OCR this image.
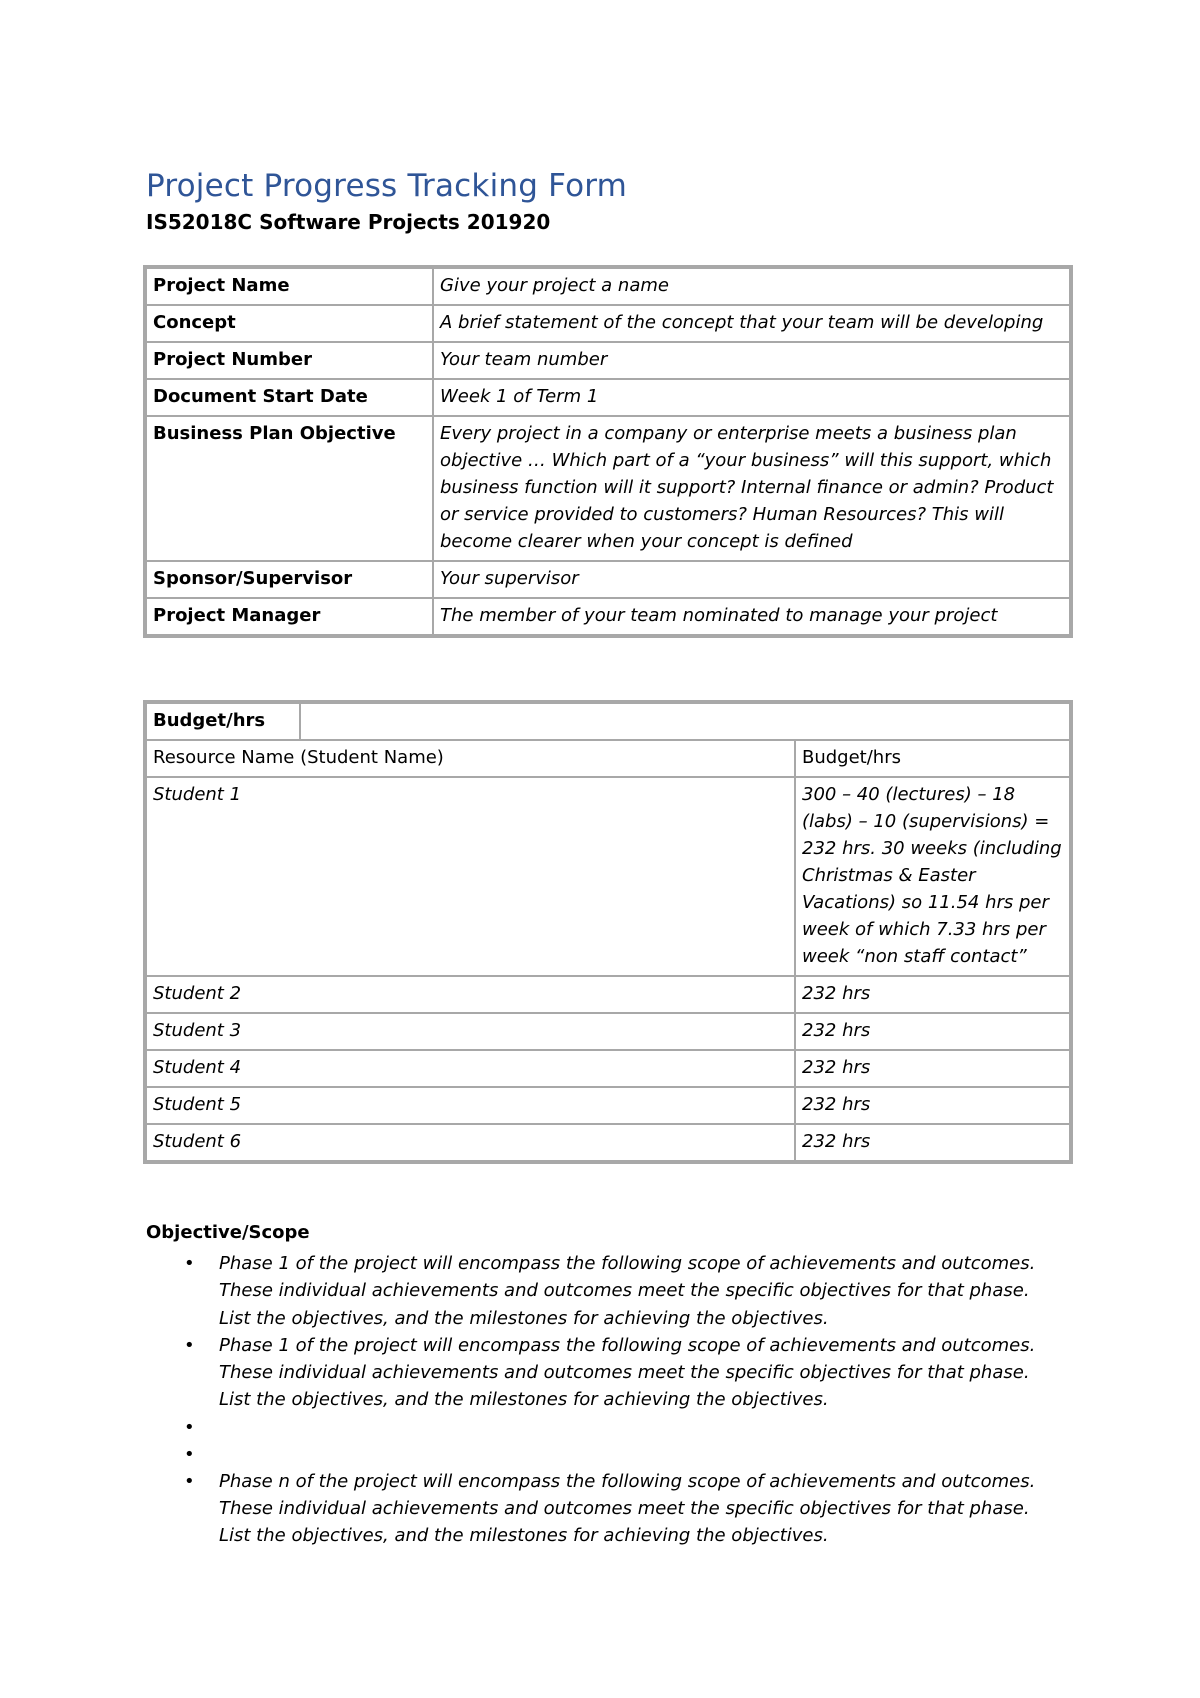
Project Progress Tracking Form
IS52018C Software Projects 201920
Project Name	Give your project a name
Concept	A brief statement of the concept that your team will be developing
Project Number	Your team number
Document Start Date	Week 1 of Term 1
Business Plan Objective	Every project in a company or enterprise meets a business plan objective … Which part of a “your business” will this support, which business function will it support? Internal finance or admin? Product or service provided to customers? Human Resources? This will become clearer when your concept is defined
Sponsor/Supervisor	Your supervisor
Project Manager	The member of your team nominated to manage your project
Budget/hrs		
Resource Name (Student Name)		Budget/hrs
Student 1		300 – 40 (lectures) – 18 (labs) – 10 (supervisions) = 232 hrs. 30 weeks (including Christmas & Easter Vacations) so 11.54 hrs per week of which 7.33 hrs per week “non staff contact”
Student 2		232 hrs
Student 3		232 hrs
Student 4		232 hrs
Student 5		232 hrs
Student 6		232 hrs
Objective/Scope
• Phase 1 of the project will encompass the following scope of achievements and outcomes. These individual achievements and outcomes meet the specific objectives for that phase. List the objectives, and the milestones for achieving the objectives.
• Phase 1 of the project will encompass the following scope of achievements and outcomes. These individual achievements and outcomes meet the specific objectives for that phase. List the objectives, and the milestones for achieving the objectives.
•
•
• Phase n of the project will encompass the following scope of achievements and outcomes. These individual achievements and outcomes meet the specific objectives for that phase. List the objectives, and the milestones for achieving the objectives.
